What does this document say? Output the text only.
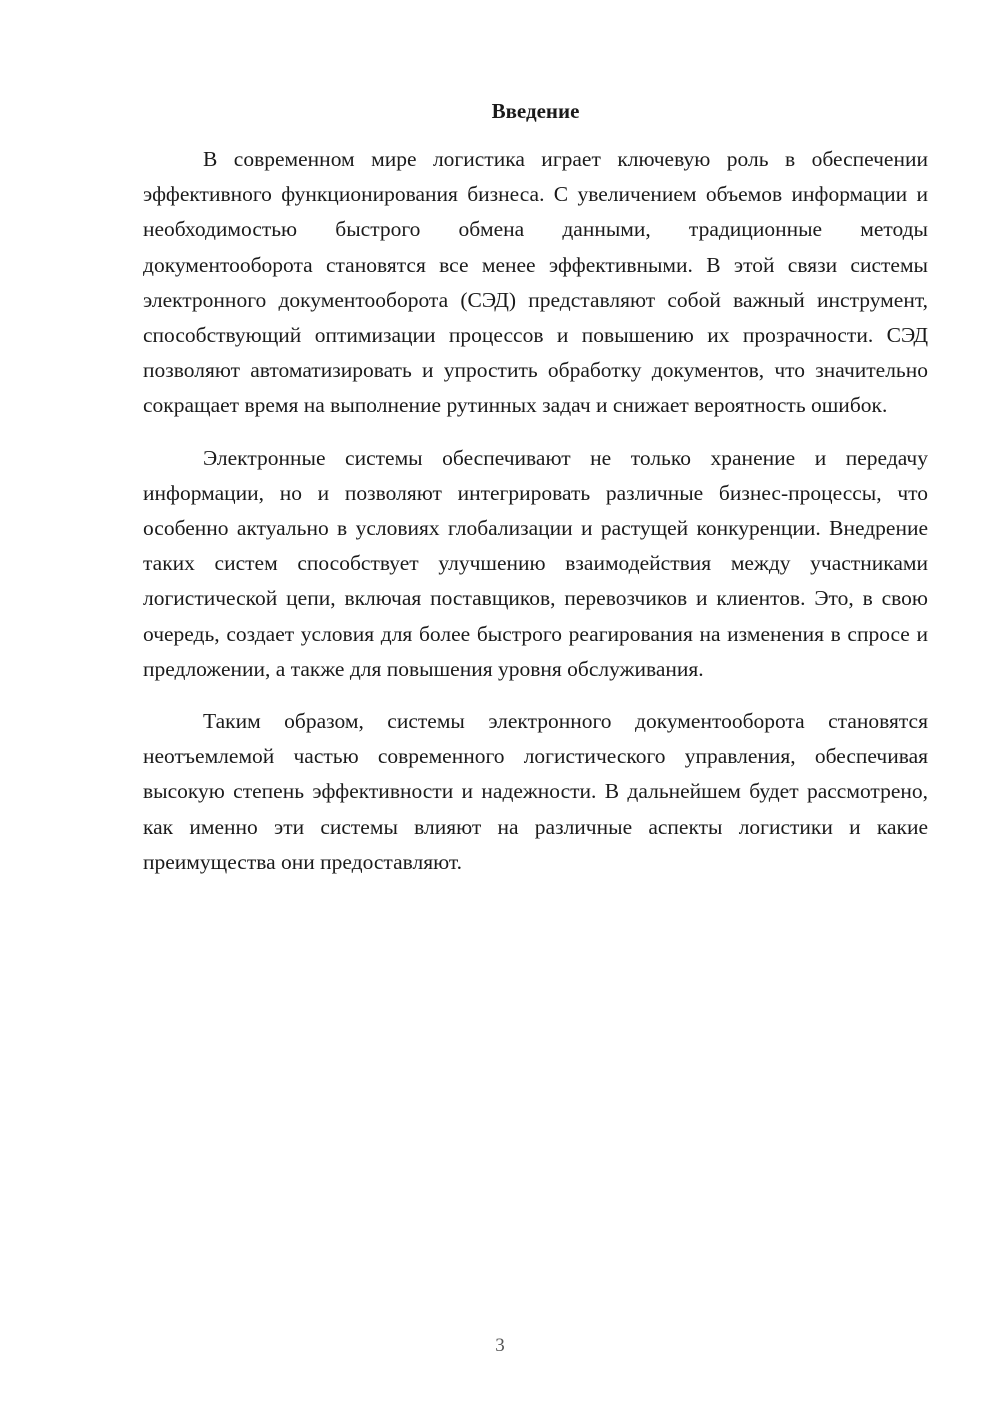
Введение

В современном мире логистика играет ключевую роль в обеспечении эффективного функционирования бизнеса. С увеличением объемов информации и необходимостью быстрого обмена данными, традиционные методы документооборота становятся все менее эффективными. В этой связи системы электронного документооборота (СЭД) представляют собой важный инструмент, способствующий оптимизации процессов и повышению их прозрачности. СЭД позволяют автоматизировать и упростить обработку документов, что значительно сокращает время на выполнение рутинных задач и снижает вероятность ошибок.

Электронные системы обеспечивают не только хранение и передачу информации, но и позволяют интегрировать различные бизнес-процессы, что особенно актуально в условиях глобализации и растущей конкуренции. Внедрение таких систем способствует улучшению взаимодействия между участниками логистической цепи, включая поставщиков, перевозчиков и клиентов. Это, в свою очередь, создает условия для более быстрого реагирования на изменения в спросе и предложении, а также для повышения уровня обслуживания.

Таким образом, системы электронного документооборота становятся неотъемлемой частью современного логистического управления, обеспечивая высокую степень эффективности и надежности. В дальнейшем будет рассмотрено, как именно эти системы влияют на различные аспекты логистики и какие преимущества они предоставляют.

3
